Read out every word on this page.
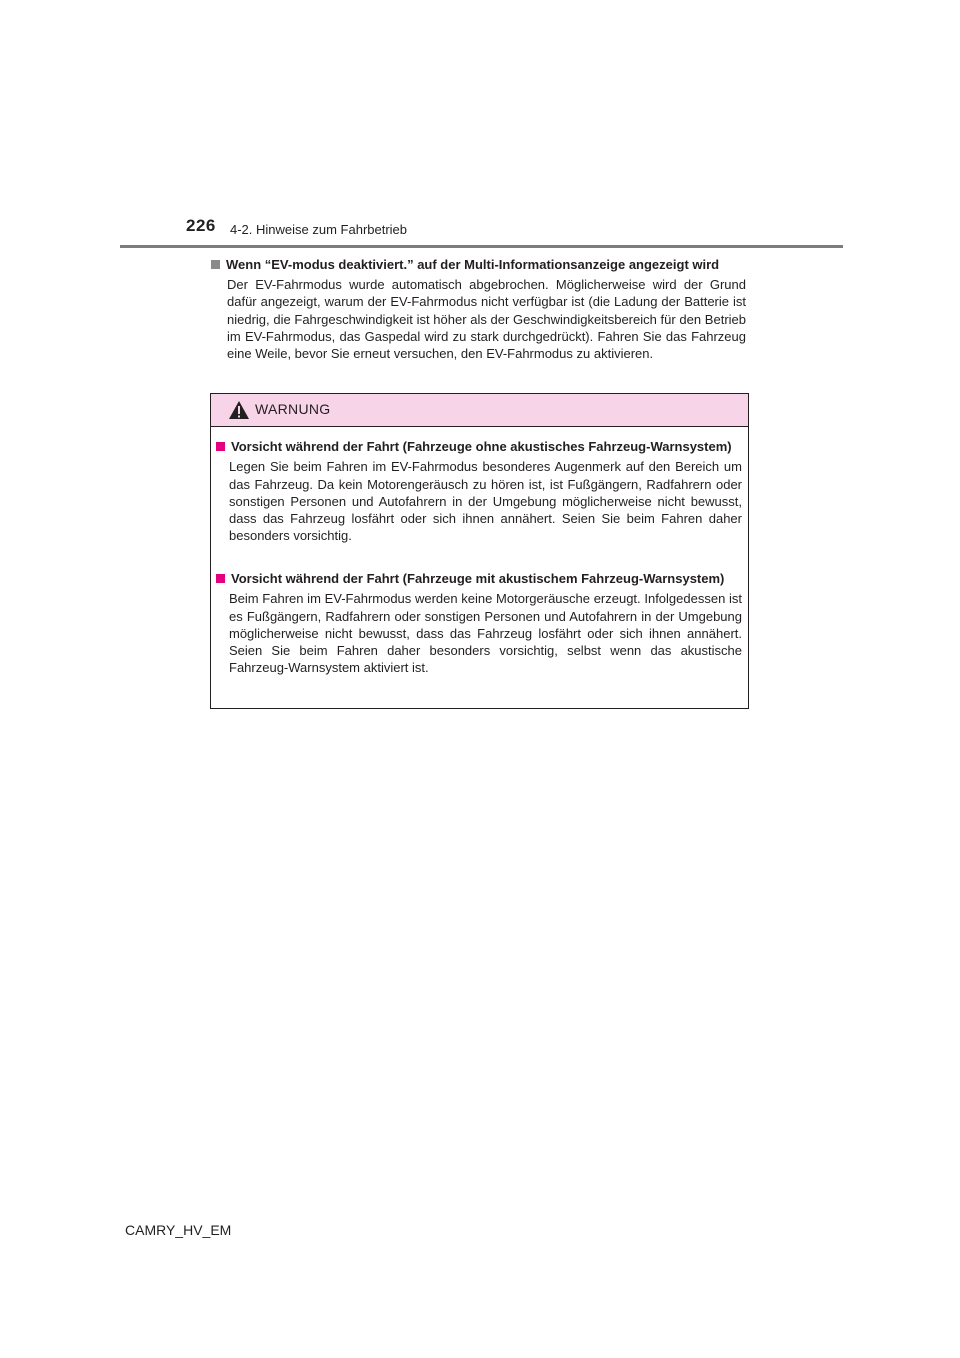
226 4-2. Hinweise zum Fahrbetrieb
Wenn “EV-modus deaktiviert.” auf der Multi-Informationsanzeige angezeigt wird
Der EV-Fahrmodus wurde automatisch abgebrochen. Möglicherweise wird der Grund dafür angezeigt, warum der EV-Fahrmodus nicht verfügbar ist (die Ladung der Batterie ist niedrig, die Fahrgeschwindigkeit ist höher als der Geschwindigkeitsbereich für den Betrieb im EV-Fahrmodus, das Gaspedal wird zu stark durchgedrückt). Fahren Sie das Fahrzeug eine Weile, bevor Sie erneut versuchen, den EV-Fahrmodus zu aktivieren.
WARNUNG
Vorsicht während der Fahrt (Fahrzeuge ohne akustisches Fahrzeug-Warnsystem)
Legen Sie beim Fahren im EV-Fahrmodus besonderes Augenmerk auf den Bereich um das Fahrzeug. Da kein Motorengeräusch zu hören ist, ist Fußgängern, Radfahrern oder sonstigen Personen und Autofahrern in der Umgebung möglicherweise nicht bewusst, dass das Fahrzeug losfährt oder sich ihnen annähert. Seien Sie beim Fahren daher besonders vorsichtig.
Vorsicht während der Fahrt (Fahrzeuge mit akustischem Fahrzeug-Warnsystem)
Beim Fahren im EV-Fahrmodus werden keine Motorgeräusche erzeugt. Infolgedessen ist es Fußgängern, Radfahrern oder sonstigen Personen und Autofahrern in der Umgebung möglicherweise nicht bewusst, dass das Fahrzeug losfährt oder sich ihnen annähert. Seien Sie beim Fahren daher besonders vorsichtig, selbst wenn das akustische Fahrzeug-Warnsystem aktiviert ist.
CAMRY_HV_EM
